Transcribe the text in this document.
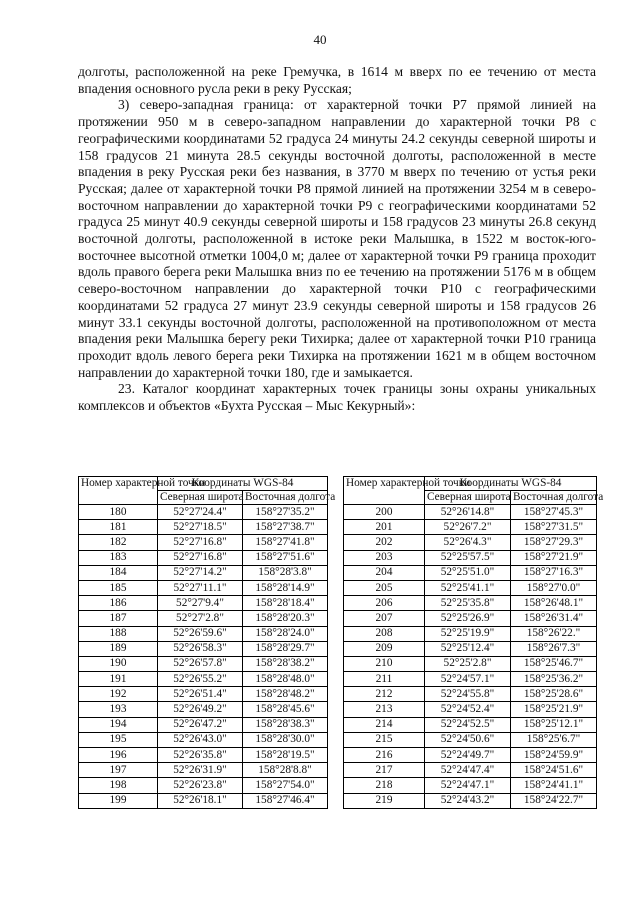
40

долготы, расположенной на реке Гремучка, в 1614 м вверх по ее течению от места впадения основного русла реки в реку Русская;

3) северо-западная граница: от характерной точки Р7 прямой линией на протяжении 950 м в северо-западном направлении до характерной точки Р8 с географическими координатами 52 градуса 24 минуты 24.2 секунды северной широты и 158 градусов 21 минута 28.5 секунды восточной долготы, расположенной в месте впадения в реку Русская реки без названия, в 3770 м вверх по течению от устья реки Русская; далее от характерной точки Р8 прямой линией на протяжении 3254 м в северо-восточном направлении до характерной точки Р9 с географическими координатами 52 градуса 25 минут 40.9 секунды северной широты и 158 градусов 23 минуты 26.8 секунд восточной долготы, расположенной в истоке реки Малышка, в 1522 м восток-юго-восточнее высотной отметки 1004,0 м; далее от характерной точки Р9 граница проходит вдоль правого берега реки Малышка вниз по ее течению на протяжении 5176 м в общем северо-восточном направлении до характерной точки Р10 с географическими координатами 52 градуса 27 минут 23.9 секунды северной широты и 158 градусов 26 минут 33.1 секунды восточной долготы, расположенной на противоположном от места впадения реки Малышка берегу реки Тихирка; далее от характерной точки Р10 граница проходит вдоль левого берега реки Тихирка на протяжении 1621 м в общем восточном направлении до характерной точки 180, где и замыкается.

23. Каталог координат характерных точек границы зоны охраны уникальных комплексов и объектов «Бухта Русская – Мыс Кекурный»:

Номер характерной точки	Координаты WGS-84	
	Северная широта	Восточная долгота
180	52°27'24.4"	158°27'35.2"
181	52°27'18.5"	158°27'38.7"
182	52°27'16.8"	158°27'41.8"
183	52°27'16.8"	158°27'51.6"
184	52°27'14.2"	158°28'3.8"
185	52°27'11.1"	158°28'14.9"
186	52°27'9.4"	158°28'18.4"
187	52°27'2.8"	158°28'20.3"
188	52°26'59.6"	158°28'24.0"
189	52°26'58.3"	158°28'29.7"
190	52°26'57.8"	158°28'38.2"
191	52°26'55.2"	158°28'48.0"
192	52°26'51.4"	158°28'48.2"
193	52°26'49.2"	158°28'45.6"
194	52°26'47.2"	158°28'38.3"
195	52°26'43.0"	158°28'30.0"
196	52°26'35.8"	158°28'19.5"
197	52°26'31.9"	158°28'8.8"
198	52°26'23.8"	158°27'54.0"
199	52°26'18.1"	158°27'46.4"
Номер характерной точки	Координаты WGS-84	
	Северная широта	Восточная долгота
200	52°26'14.8"	158°27'45.3"
201	52°26'7.2"	158°27'31.5"
202	52°26'4.3"	158°27'29.3"
203	52°25'57.5"	158°27'21.9"
204	52°25'51.0"	158°27'16.3"
205	52°25'41.1"	158°27'0.0"
206	52°25'35.8"	158°26'48.1"
207	52°25'26.9"	158°26'31.4"
208	52°25'19.9"	158°26'22."
209	52°25'12.4"	158°26'7.3"
210	52°25'2.8"	158°25'46.7"
211	52°24'57.1"	158°25'36.2"
212	52°24'55.8"	158°25'28.6"
213	52°24'52.4"	158°25'21.9"
214	52°24'52.5"	158°25'12.1"
215	52°24'50.6"	158°25'6.7"
216	52°24'49.7"	158°24'59.9"
217	52°24'47.4"	158°24'51.6"
218	52°24'47.1"	158°24'41.1"
219	52°24'43.2"	158°24'22.7"
